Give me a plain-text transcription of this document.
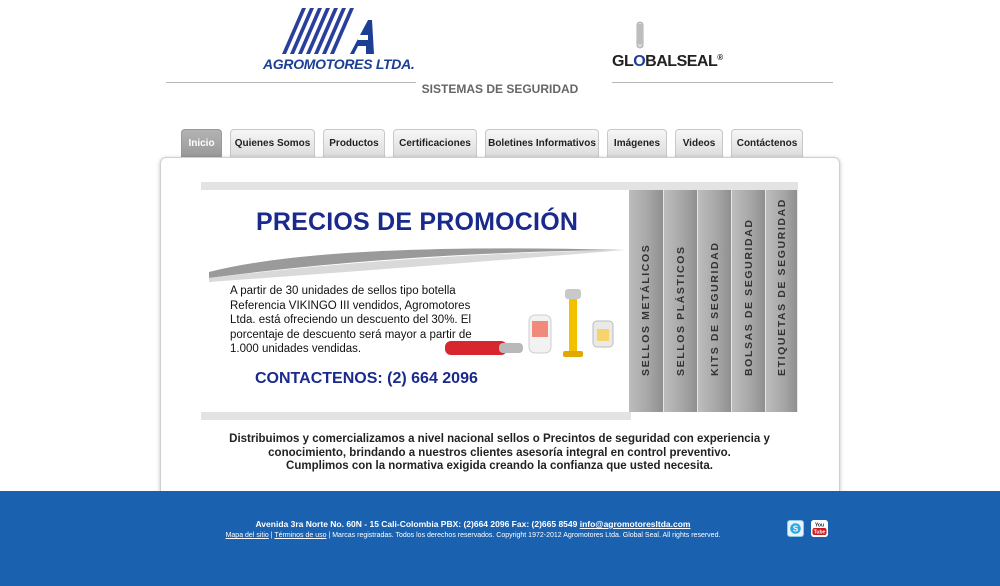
AGROMOTORES LTDA.
SISTEMAS DE SEGURIDAD
GLOBALSEAL®
Inicio	Quienes Somos	Productos	Certificaciones	Boletines Informativos	Imágenes	Videos	Contáctenos
PRECIOS DE PROMOCIÓN
A partir de 30 unidades de sellos tipo botella Referencia VIKINGO III vendidos, Agromotores Ltda. está ofreciendo un descuento del 30%. El porcentaje de descuento será mayor a partir de 1.000 unidades vendidas.
CONTACTENOS: (2) 664 2096
SELLOS METÁLICOS SELLOS PLÁSTICOS KITS DE SEGURIDAD BOLSAS DE SEGURIDAD ETIQUETAS DE SEGURIDAD
Distribuimos y comercializamos a nivel nacional sellos o Precintos de seguridad con experiencia y
conocimiento, brindando a nuestros clientes asesoría integral en control preventivo.
Cumplimos con la normativa exigida creando la confianza que usted necesita.
Avenida 3ra Norte No. 60N - 15 Cali-Colombia PBX: (2)664 2096 Fax: (2)665 8549 info@agromotoresltda.com
Mapa del sitio | Términos de uso | Marcas registradas. Todos los derechos reservados. Copyright 1972-2012 Agromotores Ltda. Global Seal. All rights reserved.
S	You
Tube
